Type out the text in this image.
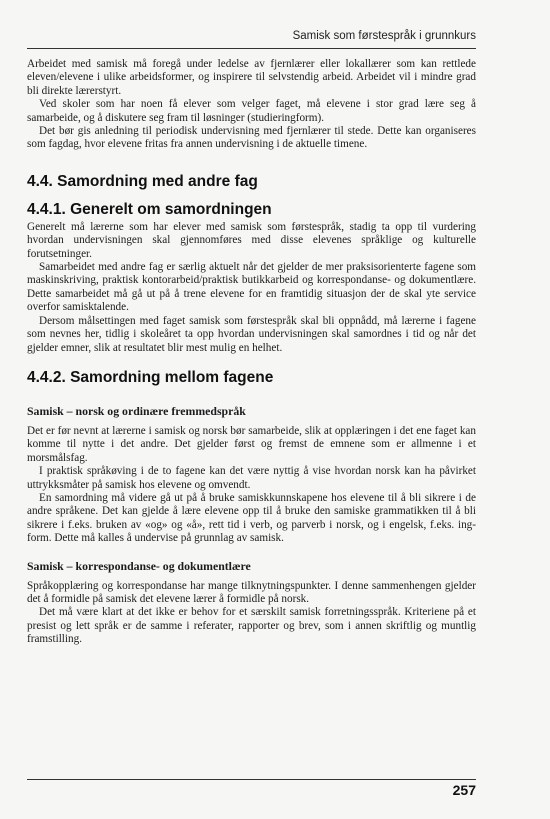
Samisk som førstespråk i grunnkurs

Arbeidet med samisk må foregå under ledelse av fjernlærer eller lokallærer som kan rettlede eleven/elevene i ulike arbeidsformer, og inspirere til selvstendig arbeid. Arbeidet vil i mindre grad bli direkte lærerstyrt.

Ved skoler som har noen få elever som velger faget, må elevene i stor grad lære seg å samarbeide, og å diskutere seg fram til løsninger (studieringform).

Det bør gis anledning til periodisk undervisning med fjernlærer til stede. Dette kan organiseres som fagdag, hvor elevene fritas fra annen undervisning i de aktuelle timene.

4.4. Samordning med andre fag
4.4.1. Generelt om samordningen

Generelt må lærerne som har elever med samisk som førstespråk, stadig ta opp til vurdering hvordan undervisningen skal gjennomføres med disse elevenes språklige og kulturelle forutsetninger.

Samarbeidet med andre fag er særlig aktuelt når det gjelder de mer praksisorienterte fagene som maskinskriving, praktisk kontorarbeid/praktisk butikkarbeid og korrespondanse- og dokumentlære. Dette samarbeidet må gå ut på å trene elevene for en framtidig situasjon der de skal yte service overfor samisktalende.

Dersom målsettingen med faget samisk som førstespråk skal bli oppnådd, må lærerne i fagene som nevnes her, tidlig i skoleåret ta opp hvordan undervisningen skal samordnes i tid og når det gjelder emner, slik at resultatet blir mest mulig en helhet.

4.4.2. Samordning mellom fagene
Samisk – norsk og ordinære fremmedspråk

Det er før nevnt at lærerne i samisk og norsk bør samarbeide, slik at opplæringen i det ene faget kan komme til nytte i det andre. Det gjelder først og fremst de emnene som er allmenne i et morsmålsfag.

I praktisk språkøving i de to fagene kan det være nyttig å vise hvordan norsk kan ha påvirket uttrykksmåter på samisk hos elevene og omvendt.

En samordning må videre gå ut på å bruke samiskkunnskapene hos elevene til å bli sikrere i de andre språkene. Det kan gjelde å lære elevene opp til å bruke den samiske grammatikken til å bli sikrere i f.eks. bruken av «og» og «å», rett tid i verb, og parverb i norsk, og i engelsk, f.eks. ing-form. Dette må kalles å undervise på grunnlag av samisk.

Samisk – korrespondanse- og dokumentlære

Språkopplæring og korrespondanse har mange tilknytningspunkter. I denne sammenhengen gjelder det å formidle på samisk det elevene lærer å formidle på norsk.

Det må være klart at det ikke er behov for et særskilt samisk forretningsspråk. Kriteriene på et presist og lett språk er de samme i referater, rapporter og brev, som i annen skriftlig og muntlig framstilling.

257
